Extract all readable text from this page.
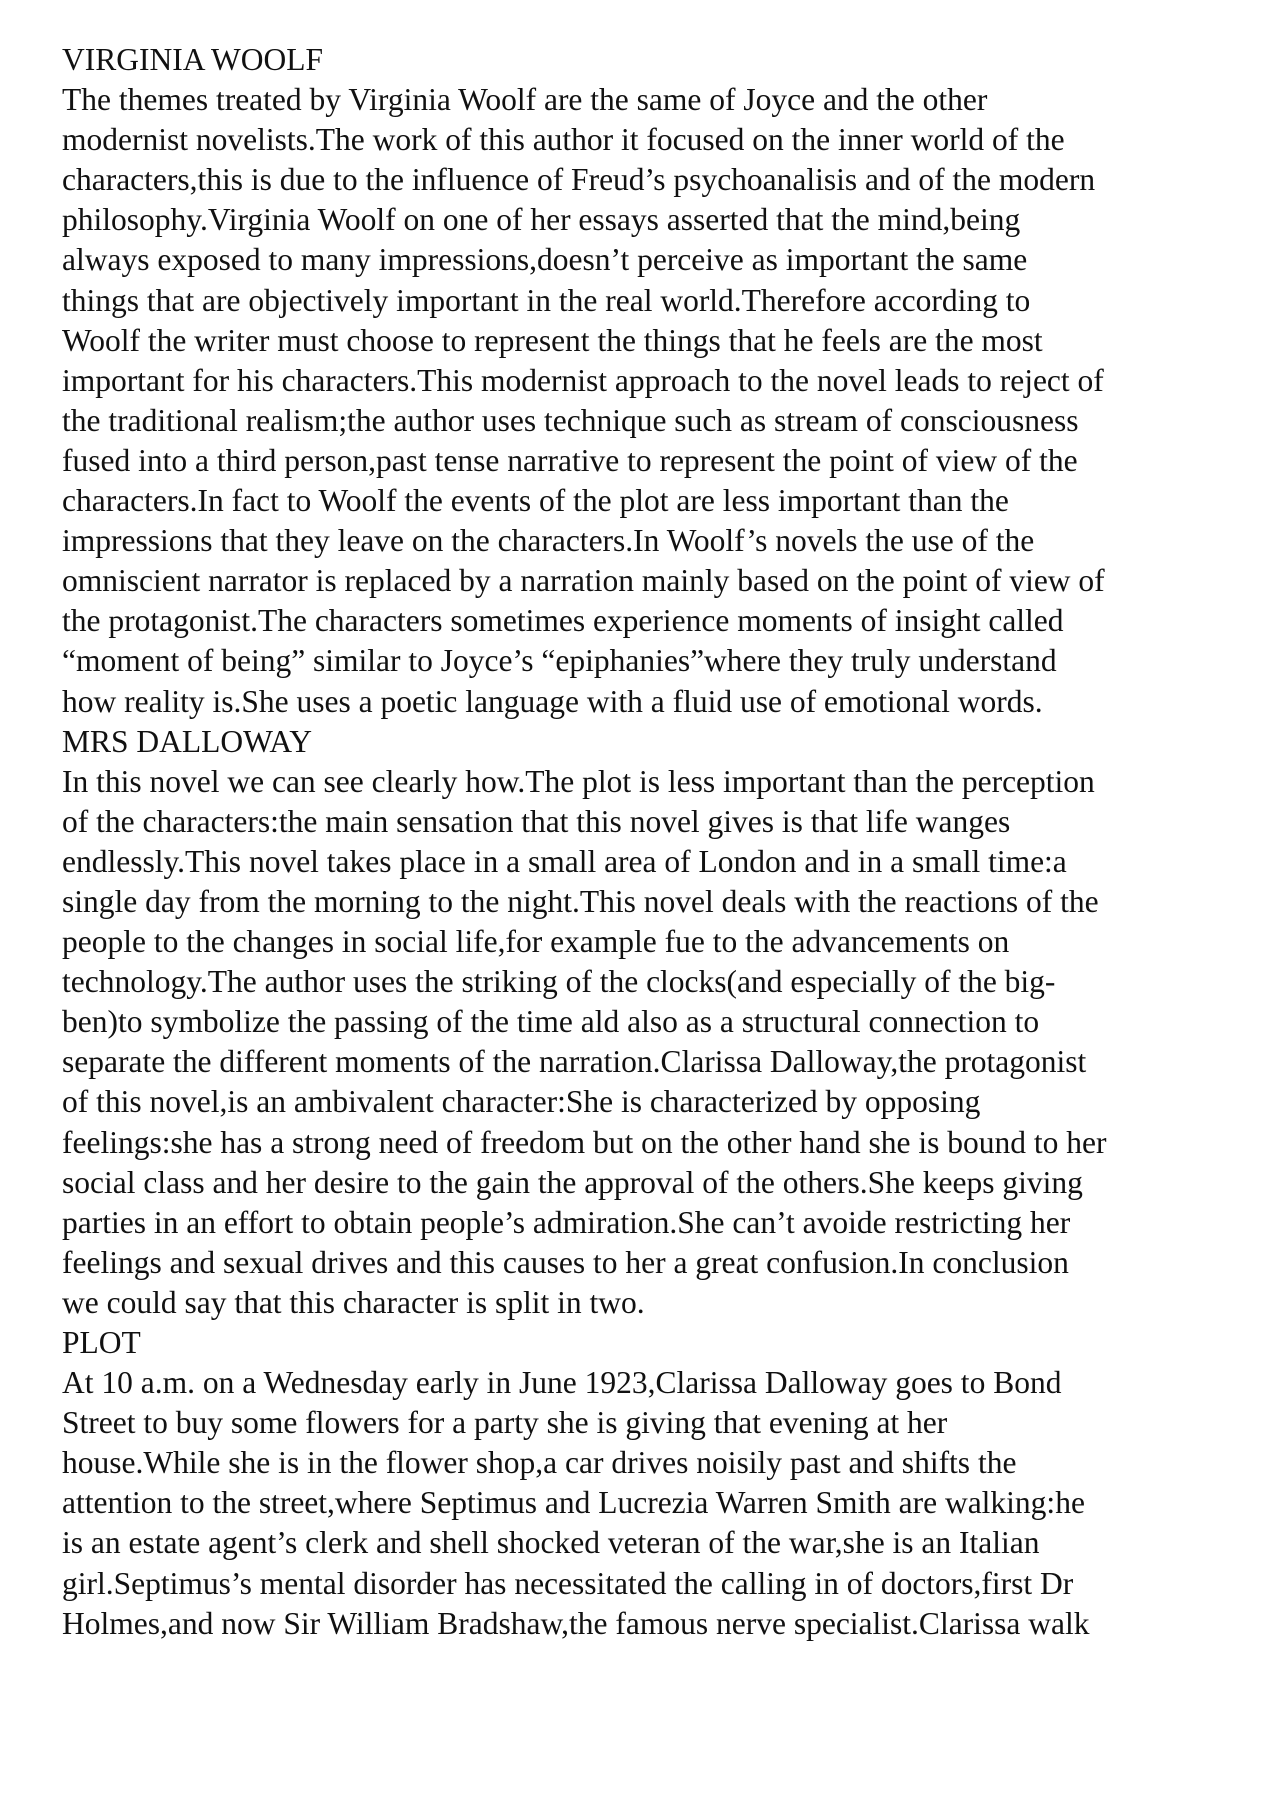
VIRGINIA WOOLF
The themes treated by Virginia Woolf are the same of Joyce and the other
modernist novelists.The work of this author it focused on the inner world of the
characters,this is due to the influence of Freud’s psychoanalisis and of the modern
philosophy.Virginia Woolf on one of her essays asserted that the mind,being
always exposed to many impressions,doesn’t perceive as important the same
things that are objectively important in the real world.Therefore according to
Woolf the writer must choose to represent the things that he feels are the most
important for his characters.This modernist approach to the novel leads to reject of
the traditional realism;the author uses technique such as stream of consciousness
fused into a third person,past tense narrative to represent the point of view of the
characters.In fact to Woolf the events of the plot are less important than the
impressions that they leave on the characters.In Woolf’s novels the use of the
omniscient narrator is replaced by a narration mainly based on the point of view of
the protagonist.The characters sometimes experience moments of insight called
“moment of being” similar to Joyce’s “epiphanies”where they truly understand
how reality is.She uses a poetic language with a fluid use of emotional words.
MRS DALLOWAY
In this novel we can see clearly how.The plot is less important than the perception
of the characters:the main sensation that this novel gives is that life wanges
endlessly.This novel takes place in a small area of London and in a small time:a
single day from the morning to the night.This novel deals with the reactions of the
people to the changes in social life,for example fue to the advancements on
technology.The author uses the striking of the clocks(and especially of the big-
ben)to symbolize the passing of the time ald also as a structural connection to
separate the different moments of the narration.Clarissa Dalloway,the protagonist
of this novel,is an ambivalent character:She is characterized by opposing
feelings:she has a strong need of freedom but on the other hand she is bound to her
social class and her desire to the gain the approval of the others.She keeps giving
parties in an effort to obtain people’s admiration.She can’t avoide restricting her
feelings and sexual drives and this causes to her a great confusion.In conclusion
we could say that this character is split in two.
PLOT
At 10 a.m. on a Wednesday early in June 1923,Clarissa Dalloway goes to Bond
Street to buy some flowers for a party she is giving that evening at her
house.While she is in the flower shop,a car drives noisily past and shifts the
attention to the street,where Septimus and Lucrezia Warren Smith are walking:he
is an estate agent’s clerk and shell shocked veteran of the war,she is an Italian
girl.Septimus’s mental disorder has necessitated the calling in of doctors,first Dr
Holmes,and now Sir William Bradshaw,the famous nerve specialist.Clarissa walk
